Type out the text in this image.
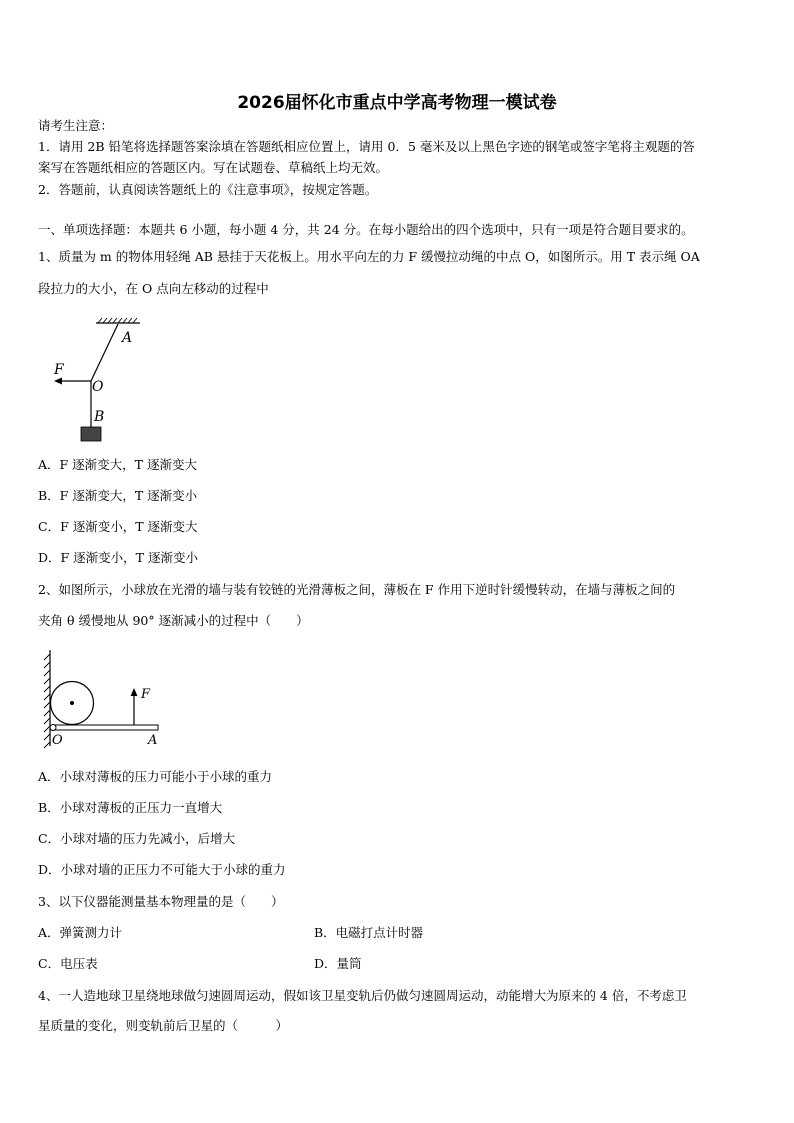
2026届怀化市重点中学高考物理一模试卷
请考生注意：
1．请用 2B 铅笔将选择题答案涂填在答题纸相应位置上，请用 0．5 毫米及以上黑色字迹的钢笔或签字笔将主观题的答
案写在答题纸相应的答题区内。写在试题卷、草稿纸上均无效。
2．答题前，认真阅读答题纸上的《注意事项》，按规定答题。
一、单项选择题：本题共 6 小题，每小题 4 分，共 24 分。在每小题给出的四个选项中，只有一项是符合题目要求的。
1、质量为 m 的物体用轻绳 AB 悬挂于天花板上。用水平向左的力 F 缓慢拉动绳的中点 O，如图所示。用 T 表示绳 OA
段拉力的大小，在 O 点向左移动的过程中
A
O
F
B
A．F 逐渐变大，T 逐渐变大
B．F 逐渐变大，T 逐渐变小
C．F 逐渐变小，T 逐渐变大
D．F 逐渐变小，T 逐渐变小
2、如图所示，小球放在光滑的墙与装有铰链的光滑薄板之间，薄板在 F 作用下逆时针缓慢转动，在墙与薄板之间的
夹角 θ 缓慢地从 90° 逐渐减小的过程中（　　）
F
O	A
A．小球对薄板的压力可能小于小球的重力
B．小球对薄板的正压力一直增大
C．小球对墙的压力先减小，后增大
D．小球对墙的正压力不可能大于小球的重力
3、以下仪器能测量基本物理量的是（　　）
A．弹簧测力计	B．电磁打点计时器
C．电压表	D．量筒
4、一人造地球卫星绕地球做匀速圆周运动，假如该卫星变轨后仍做匀速圆周运动，动能增大为原来的 4 倍，不考虑卫
星质量的变化，则变轨前后卫星的（　　　）
